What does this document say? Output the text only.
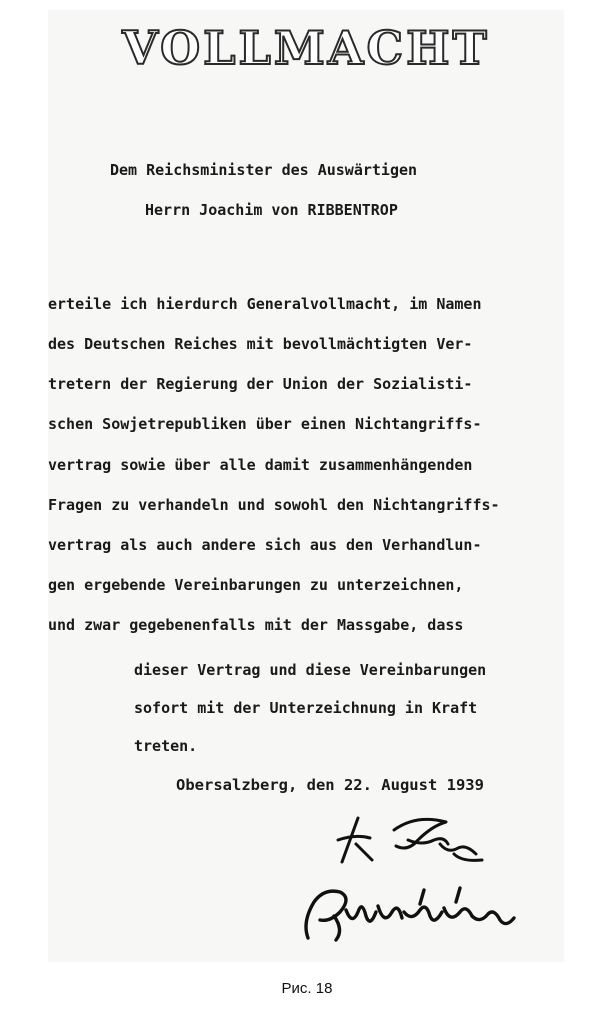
VOLLMACHT
Dem Reichsminister des Auswärtigen
Herrn Joachim von RIBBENTROP
erteile ich hierdurch Generalvollmacht, im Namen
des Deutschen Reiches mit bevollmächtigten Ver-
tretern der Regierung der Union der Sozialisti-
schen Sowjetrepubliken über einen Nichtangriffs-
vertrag sowie über alle damit zusammenhängenden
Fragen zu verhandeln und sowohl den Nichtangriffs-
vertrag als auch andere sich aus den Verhandlun-
gen ergebende Vereinbarungen zu unterzeichnen,
und zwar gegebenenfalls mit der Massgabe, dass
dieser Vertrag und diese Vereinbarungen
sofort mit der Unterzeichnung in Kraft
treten.
Obersalzberg, den 22. August 1939
Рис. 18
